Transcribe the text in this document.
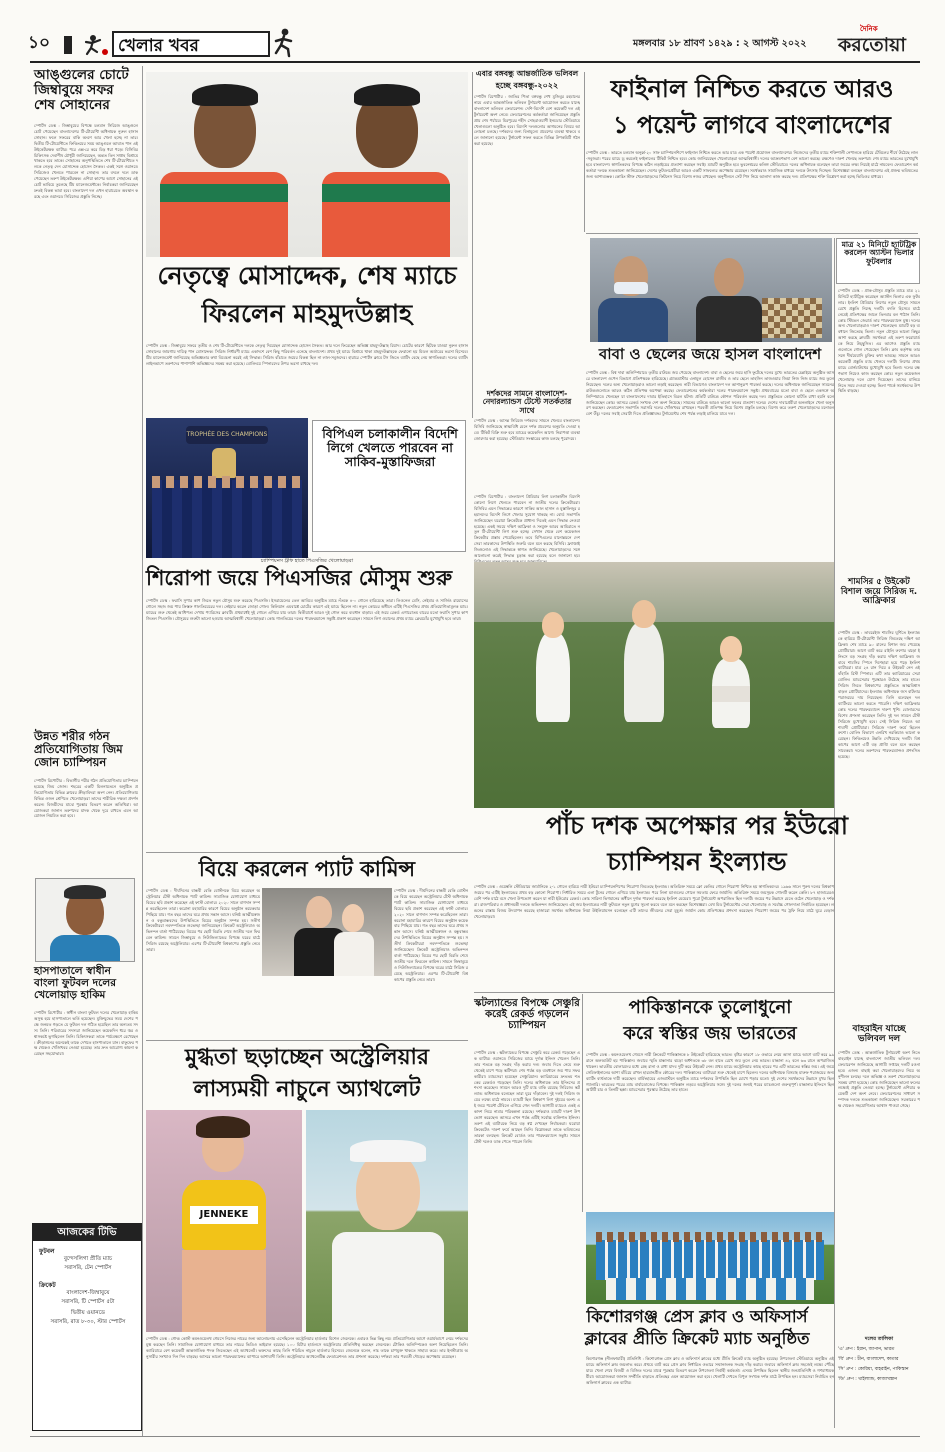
১০	খেলার খবর	মঙ্গলবার ১৮ শ্রাবণ ১৪২৯ : ২ আগস্ট ২০২২
দৈনিক
করতোয়া
আঙ্গুলের চোটে জিম্বাবুয়ে সফর শেষ সোহানের
স্পোর্টস ডেস্ক : জিম্বাবুয়ের বিপক্ষে চলমান সিরিজে আঙ্গুলে চোট পেয়েছেন বাংলাদেশের টি-টোয়েন্টি অধিনায়ক নুরুল হাসান সোহান। ফলে সফরের বাকি অংশে আর খেলা হচ্ছে না তার। দ্বিতীয় টি-টোয়েন্টিতে ফিল্ডিংয়ের সময় আঙ্গুলে আঘাত পান এই উইকেটরক্ষক ব্যাটার। পরে এক্স-রে করে চিড় ধরা পড়ে। বিসিবির চিকিৎসক দেবাশীষ চৌধুরী জানিয়েছেন, অন্তত তিন সপ্তাহ বিশ্রামে থাকতে হবে তাকে। সোহানের অনুপস্থিতিতে শেষ টি-টোয়েন্টিতে দলকে নেতৃত্ব দেন মোসাদ্দেক হোসেন সৈকত। একই সঙ্গে ওয়ানডে সিরিজেও খেলতে পারবেন না সোহান। তার বদলে দলে ডাক পেয়েছেন তরুণ উইকেটরক্ষক। এশিয়া কাপের আগে সোহানের এই চোট ভাবিয়ে তুলেছে টিম ম্যানেজমেন্টকে। নির্বাচকরা জানিয়েছেন দ্রুতই বিকল্প ভাবা হবে। বাংলাদেশ দল এখন হারারেতে অবস্থান করছে এবং ওয়ানডে সিরিজের প্রস্তুতি নিচ্ছে।
উন্নত শরীর গঠন প্রতিযোগিতায় জিম জোন চ্যাম্পিয়ন
স্পোর্টস রিপোর্টার : বিভাগীয় শরীর গঠন প্রতিযোগিতায় চ্যাম্পিয়ন হয়েছে জিম জোন। শহরের একটি মিলনায়তনে অনুষ্ঠিত প্রতিযোগিতায় বিভিন্ন ক্লাবের ক্রীড়াবিদরা অংশ নেন। প্রতিযোগিতায় বিভিন্ন ওজন শ্রেণিতে খেলোয়াড়রা তাদের শারীরিক দক্ষতা প্রদর্শন করেন। বিজয়ীদের মাঝে পুরস্কার বিতরণ করেন অতিথিরা। আয়োজকরা জানান তরুণদের মাদক থেকে দূরে রাখতে এমন আয়োজন নিয়মিত করা হবে।
হাসপাতালে স্বাধীন বাংলা ফুটবল দলের খেলোয়াড় হাকিম
স্পোর্টস রিপোর্টার : স্বাধীন বাংলা ফুটবল দলের খেলোয়াড় হাকিম অসুস্থ হয়ে হাসপাতালে ভর্তি হয়েছেন। মুক্তিযুদ্ধের সময় দেশের পক্ষে জনমত গড়তে যে ফুটবল দল গঠিত হয়েছিল তার অন্যতম সদস্য তিনি। পরিবারের সদস্যরা জানিয়েছেন কয়েকদিন ধরে জ্বর ও শ্বাসকষ্টে ভুগছিলেন তিনি। চিকিৎসকরা তাকে পর্যবেক্ষণে রেখেছেন। ক্রীড়াঙ্গনের অনেকেই তাকে দেখতে হাসপাতালে যান। বাফুফের পক্ষ থেকেও খোঁজখবর নেওয়া হয়েছে। তার দ্রুত আরোগ্য কামনা করেছেন সহযোদ্ধারা।
আজকের টিভি
ফুটবল
বুন্দেসলিগা প্রীতি ম্যাচ
সরাসরি, টেন স্পোর্টস
ক্রিকেট
বাংলাদেশ-জিম্বাবুয়ে
সরাসরি, টি স্পোর্টস ৫টা
দ্বিতীয় ওয়ানডে
সরাসরি, রাত ৮-৩০, স্টার স্পোর্টস
নেতৃত্বে মোসাদ্দেক, শেষ ম্যাচে
ফিরলেন মাহমুদউল্লাহ
স্পোর্টস ডেস্ক : জিম্বাবুয়ে সফরে তৃতীয় ও শেষ টি-টোয়েন্টিতে দলকে নেতৃত্ব দিয়েছেন মোসাদ্দেক হোসেন সৈকত। আর দলে ফিরেছেন অভিজ্ঞ মাহমুদউল্লাহ রিয়াদ। চোটের কারণে ছিটকে যাওয়া নুরুল হাসান সোহানের জায়গায় দায়িত্ব পান মোসাদ্দেক। সিরিজ নির্ধারণী ম্যাচে একাদশে বেশ কিছু পরিবর্তন এনেছে বাংলাদেশ। প্রথম দুই ম্যাচে বিশ্রামে থাকা মাহমুদউল্লাহকে ফেরানো হয় মিডল অর্ডারের ভরসা হিসেবে। টিম ম্যানেজমেন্ট জানিয়েছে অভিজ্ঞতার কথা বিবেচনা করেই এই সিদ্ধান্ত। সিরিজ বাঁচাতে জয়ের বিকল্প ছিল না লাল-সবুজদের। হারারে স্পোর্টস ক্লাবে টস জিতে ব্যাটিং বেছে নেয় স্বাগতিকরা। দলের ব্যাটিং লাইনআপে তরুণদের পাশাপাশি অভিজ্ঞদের সমন্বয় করা হয়েছে। বোলিংয়ে স্পিনারদের উপর ভরসা রাখছে দল।
TROPHÉE DES CHAMPIONS
চ্যাম্পিয়নস ট্রফি হাতে পিএসজির খেলোয়াড়রা
বিপিএল চলাকালীন বিদেশি লিগে খেলতে পারবেন না সাকিব-মুস্তাফিজরা
শিরোপা জয়ে পিএসজির মৌসুম শুরু
স্পোর্টস ডেস্ক : ফরাসি সুপার কাপ জিতে নতুন মৌসুম শুরু করেছে পিএসজি। ইসরায়েলের তেল আবিবে অনুষ্ঠিত ম্যাচে নঁতকে ৪-০ গোলে হারিয়েছে তারা। লিওনেল মেসি, নেইমার ও সার্জিও রামোসের গোলে সহজ জয় পায় ক্রিস্তফ গালতিয়েরের দল। নেইমার করেন জোড়া গোল। কিলিয়ান এমবাপ্পে চোটের কারণে এই ম্যাচে ছিলেন না। নতুন কোচের অধীনে এটিই পিএসজির প্রথম প্রতিযোগিতামূলক ম্যাচ। ম্যাচের শুরু থেকেই আধিপত্য দেখায় প্যারিসের ক্লাবটি। প্রথমার্ধেই দুই গোলে এগিয়ে যায় তারা। দ্বিতীয়ার্ধে আরও দুই গোল করে ব্যবধান বাড়ায়। এই জয়ে রেকর্ড এগারোতম বারের মতো ফরাসি সুপার কাপ জিতল পিএসজি। মৌসুমের শুরুটা ভালো হওয়ায় আত্মবিশ্বাসী খেলোয়াড়রা। কোচ গালতিয়ের দলের পারফরম্যান্সে সন্তুষ্টি প্রকাশ করেছেন। সামনে লিগ ওয়ানের প্রথম ম্যাচে ক্লেরমোঁর মুখোমুখি হবে তারা।
বিয়ে করলেন প্যাট কামিন্স
স্পোর্টস ডেস্ক : দীর্ঘদিনের বান্ধবী বেকি বোস্টনকে বিয়ে করেছেন অস্ট্রেলিয়ার টেস্ট অধিনায়ক প্যাট কামিন্স। সামাজিক যোগাযোগ মাধ্যমে বিয়ের ছবি প্রকাশ করেছেন এই ফাস্ট বোলার। ২০২০ সালে বাগদান সম্পন্ন করেছিলেন তারা। করোনা মহামারির কারণে বিয়ের অনুষ্ঠান কয়েকবার পিছিয়ে যায়। গত বছর তাদের ঘরে প্রথম সন্তান আসে। ঘনিষ্ঠ আত্মীয়স্বজন ও বন্ধুবান্ধবদের উপস্থিতিতে বিয়ের অনুষ্ঠান সম্পন্ন হয়। সতীর্থ ক্রিকেটাররা নবদম্পতিকে শুভেচ্ছা জানিয়েছেন। ক্রিকেট অস্ট্রেলিয়াও অভিনন্দন বার্তা পাঠিয়েছে। বিয়ের পর ছোট বিরতি শেষে জাতীয় দলে ফিরবেন কামিন্স। সামনে জিম্বাবুয়ে ও নিউজিল্যান্ডের বিপক্ষে ঘরের মাঠে সিরিজ রয়েছে অস্ট্রেলিয়ার। এরপর টি-টোয়েন্টি বিশ্বকাপের প্রস্তুতি নেবে তারা।
স্পোর্টস ডেস্ক : দীর্ঘদিনের বান্ধবী বেকি বোস্টনকে বিয়ে করেছেন অস্ট্রেলিয়ার টেস্ট অধিনায়ক প্যাট কামিন্স। সামাজিক যোগাযোগ মাধ্যমে বিয়ের ছবি প্রকাশ করেছেন এই ফাস্ট বোলার। ২০২০ সালে বাগদান সম্পন্ন করেছিলেন তারা। করোনা মহামারির কারণে বিয়ের অনুষ্ঠান কয়েকবার পিছিয়ে যায়। গত বছর তাদের ঘরে প্রথম সন্তান আসে। ঘনিষ্ঠ আত্মীয়স্বজন ও বন্ধুবান্ধবদের উপস্থিতিতে বিয়ের অনুষ্ঠান সম্পন্ন হয়। সতীর্থ ক্রিকেটাররা নবদম্পতিকে শুভেচ্ছা জানিয়েছেন। ক্রিকেট অস্ট্রেলিয়াও অভিনন্দন বার্তা পাঠিয়েছে। বিয়ের পর ছোট বিরতি শেষে জাতীয় দলে ফিরবেন কামিন্স। সামনে জিম্বাবুয়ে ও নিউজিল্যান্ডের বিপক্ষে ঘরের মাঠে সিরিজ রয়েছে অস্ট্রেলিয়ার। এরপর টি-টোয়েন্টি বিশ্বকাপের প্রস্তুতি নেবে তারা।
এবার বঙ্গবন্ধু আন্তর্জাতিক ভলিবল
হচ্ছে বঙ্গবন্ধু-২০২২
স্পোর্টস রিপোর্টার : জাতির পিতা বঙ্গবন্ধু শেখ মুজিবুর রহমানের নামে এবার আন্তর্জাতিক ভলিবল টুর্নামেন্ট আয়োজন করতে যাচ্ছে বাংলাদেশ ভলিবল ফেডারেশন। দেশি-বিদেশি বেশ কয়েকটি দল এই টুর্নামেন্টে অংশ নেবে। ফেডারেশনের কর্মকর্তারা জানিয়েছেন প্রস্তুতি প্রায় শেষ পর্যায়ে। মিরপুরের শহীদ সোহরাওয়ার্দী ইনডোর স্টেডিয়ামে খেলাগুলো অনুষ্ঠিত হবে। বিদেশি দলগুলোর আগমনের বিষয়ে আলোচনা চলছে। দর্শকদের জন্য বিনামূল্যে প্রবেশের ব্যবস্থা থাকবে বলে জানানো হয়েছে। টুর্নামেন্ট সফল করতে বিভিন্ন উপকমিটি গঠন করা হয়েছে।
দর্শকদের সামনে বাংলাদেশ-নেদারল্যান্ডস টেস্টে সতর্কতার সাথে
স্পোর্টস ডেস্ক : আসন্ন সিরিজে দর্শকদের সামনে খেলবে বাংলাদেশ। বিসিবি জানিয়েছে স্বাস্থ্যবিধি মেনে দর্শক প্রবেশের অনুমতি দেওয়া হবে। টিকিট বিক্রি শুরু হবে ম্যাচের কয়েকদিন আগে। নিরাপত্তা ব্যবস্থা জোরদার করা হয়েছে। স্টেডিয়াম সংস্কারের কাজ চলছে পুরোদমে।
স্পোর্টস রিপোর্টার : বাংলাদেশ প্রিমিয়ার লিগ চলাকালীন বিদেশি কোনো লিগে খেলতে পারবেন না জাতীয় দলের ক্রিকেটাররা। বিসিবির এমন সিদ্ধান্তের কারণে সাকিব আল হাসান ও মুস্তাফিজুর রহমানদের বিদেশি লিগে খেলার সুযোগ থাকছে না। বোর্ড সভাপতি জানিয়েছেন ঘরোয়া ক্রিকেটকে প্রাধান্য দিতেই এমন সিদ্ধান্ত নেওয়া হয়েছে। একই সময়ে দক্ষিণ আফ্রিকা ও সংযুক্ত আরব আমিরাতে নতুন টি-টোয়েন্টি লিগ শুরু হচ্ছে। সেখান থেকে বেশ কয়েকজন ক্রিকেটার প্রস্তাব পেয়েছিলেন। তবে বিপিএলের মানোন্নয়নে দেশসেরা তারকাদের উপস্থিতি জরুরি বলে মনে করছে বিসিবি। ফ্র্যাঞ্চাইজিগুলোও এই সিদ্ধান্তকে স্বাগত জানিয়েছে। খেলোয়াড়দের সঙ্গে আলোচনা করেই সিদ্ধান্ত চূড়ান্ত করা হয়েছে বলে জানানো হয়।
ফাইনাল নিশ্চিত করতে আরও
১ পয়েন্ট লাগবে বাংলাদেশের
স্পোর্টস ডেস্ক : ভারতে চলমান অনূর্ধ্ব-২০ সাফ চ্যাম্পিয়নশিপে ফাইনাল নিশ্চিত করতে আর মাত্র এক পয়েন্ট প্রয়োজন বাংলাদেশের। নিজেদের তৃতীয় ম্যাচে শক্তিশালী নেপালকে হারিয়ে টেবিলের শীর্ষে উঠেছে লাল-সবুজরা। পরের ম্যাচে ড্র করলেই ফাইনালের টিকিট নিশ্চিত হবে। কোচ জানিয়েছেন খেলোয়াড়রা আত্মবিশ্বাসী। দলের আক্রমণভাগ বেশ ভালো করছে। রক্ষণেও দারুণ খেলছে তরুণরা। শেষ ম্যাচে ভারতের মুখোমুখি হবে বাংলাদেশ। স্বাগতিকদের বিপক্ষে কঠিন লড়াইয়ের প্রত্যাশা করছেন সবাই। ম্যাচটি অনুষ্ঠিত হবে ভুবনেশ্বরের কলিঙ্গ স্টেডিয়ামে। দলের অধিনায়ক বলেছেন তারা জয়ের লক্ষ্য নিয়েই মাঠে নামবেন। ফেডারেশন কর্মকর্তারা দলকে শুভকামনা জানিয়েছেন। দেশের ফুটবলপ্রেমীরা আরও একটি সাফল্যের অপেক্ষায় রয়েছেন। সমর্থকরাও সামাজিক মাধ্যমে দলকে উৎসাহ দিচ্ছেন। বিশেষজ্ঞরা বলছেন বাংলাদেশের এই প্রজন্ম ভবিষ্যতের জন্য আশাব্যঞ্জক। কোচিং স্টাফ খেলোয়াড়দের ফিটনেস নিয়ে বিশেষ নজর রাখছেন। অনুশীলনে সেট পিস নিয়ে আলাদা কাজ করছে দল। প্রতিপক্ষের শক্তি বিশ্লেষণ করা হচ্ছে ভিডিওর মাধ্যমে।
মাত্র ২১ মিনিটে হ্যাটট্রিক করলেন অ্যাস্টন ভিলার ফুটবলার
স্পোর্টস ডেস্ক : প্রাক-মৌসুম প্রস্তুতি ম্যাচে মাত্র ২১ মিনিটে হ্যাটট্রিক করেছেন অ্যাস্টন ভিলার এক ফুটবলার। ইংলিশ প্রিমিয়ার লিগের নতুন মৌসুম সামনে রেখে প্রস্তুতি নিচ্ছে দলটি। বদলি হিসেবে মাঠে নেমেই প্রতিপক্ষের জালে তিনবার বল পাঠান তিনি। কোচ স্টিভেন জেরার্ড তার পারফরম্যান্সে মুগ্ধ। দলের অন্য খেলোয়াড়রাও দারুণ খেলেছেন। ম্যাচটি বড় ব্যবধানে জিতেছে ভিলা। নতুন মৌসুমে ভালো কিছুর আশা করছে ক্লাবটি। সমর্থকরা এই তরুণ ফরোয়ার্ডকে নিয়ে উচ্ছ্বসিত। এর আগেও প্রস্তুতি ম্যাচগুলোতে গোল পেয়েছেন তিনি। ক্লাব কর্তৃপক্ষ তার সঙ্গে দীর্ঘমেয়াদি চুক্তির কথা ভাবছে। সামনে আরও কয়েকটি প্রস্তুতি ম্যাচ খেলবে দলটি। লিগের প্রথম ম্যাচে বোর্নমাউথের মুখোমুখি হবে ভিলা। দলের রক্ষণভাগ নিয়েও কাজ করছেন কোচ। নতুন কয়েকজন খেলোয়াড় দলে যোগ দিয়েছেন। তাদের মানিয়ে নিতে সময় দেওয়া হচ্ছে। ভিলা পার্কে সমর্থকদের উপস্থিতি বাড়ছে।
বাবা ও ছেলের জয়ে হাসল বাংলাদেশ
স্পোর্টস ডেস্ক : বিশ্ব দাবা অলিম্পিয়াডে তৃতীয় রাউন্ডে জয় পেয়েছে বাংলাদেশ। বাবা ও ছেলের জয়ে হাসি ফুটেছে দলের মুখে। ভারতের চেন্নাইয়ে অনুষ্ঠিত আসরে বাংলাদেশ ওপেন বিভাগে প্রতিপক্ষকে হারিয়েছে। গ্র্যান্ডমাস্টার এনামুল হোসেন রাজীব ও তার ছেলে তাহসিন তাজওয়ার জিয়া নিজ নিজ ম্যাচে জয় তুলে নিয়েছেন। দলের অন্য খেলোয়াড়রাও ভালো লড়াই করেছেন। নারী বিভাগেও বাংলাদেশ দল আশানুরূপ পারফর্ম করছে। দলের অধিনায়ক জানিয়েছেন সামনের রাউন্ডগুলোতে আরও কঠিন প্রতিপক্ষ অপেক্ষা করছে। ফেডারেশনের কর্মকর্তারা দলের পারফরম্যান্সে সন্তুষ্ট। প্রথমবারের মতো বাবা ও ছেলে একসঙ্গে অলিম্পিয়াডে খেলছেন যা বাংলাদেশের দাবার ইতিহাসে বিরল ঘটনা। প্রতিটি রাউন্ডে কৌশল পরিবর্তন করছে দল। প্রস্তুতিতে কোনো ঘাটতি রাখা হয়নি বলে জানিয়েছেন কোচ। আসরে রেকর্ড সংখ্যক দেশ অংশ নিয়েছে। সামনের রাউন্ডে আরও ভালো ফলের প্রত্যাশা দলের। দেশের দাবাপ্রেমীরা অনলাইনে খেলা অনুসরণ করছেন। ফেডারেশন সভাপতি সরাসরি দলের খোঁজখবর রাখছেন। পরবর্তী প্রতিপক্ষ নিয়ে বিশেষ প্রস্তুতি চলছে। বিশেষ করে তরুণ খেলোয়াড়দের মনোবল বেশ উঁচু। দলের সবাই সেরাটা দিতে প্রতিজ্ঞাবদ্ধ। টুর্নামেন্টের শেষ পর্যন্ত লড়াই চালিয়ে যাবে দল।
শামসির ৫ উইকেট বিশাল জয়ে সিরিজ দ. আফ্রিকার
স্পোর্টস ডেস্ক : তাবরেইজ শামসির ঘূর্ণিতে ইংল্যান্ডকে হারিয়ে টি-টোয়েন্টি সিরিজ জিতেছে দক্ষিণ আফ্রিকা। শেষ ম্যাচে ৯০ রানের বিশাল জয় পেয়েছে প্রোটিয়ারা। আগে ব্যাট করে রাইলি রুশোর ঝড়ো ইনিংসে বড় সংগ্রহ দাঁড় করায় দক্ষিণ আফ্রিকা। জবাবে শামসির স্পিনে দিশেহারা হয়ে পড়ে ইংলিশ ব্যাটাররা। মাত্র ২৪ রান দিয়ে ৫ উইকেট নেন এই বাঁহাতি রিস্ট স্পিনার। এটি তার ক্যারিয়ারের সেরা বোলিং। ম্যাচসেরার পুরস্কারও উঠেছে তার হাতে। সিরিজ জিতে বিশ্বকাপের প্রস্তুতিতে আত্মবিশ্বাস বাড়ল প্রোটিয়াদের। ইংল্যান্ড অধিনায়ক জস বাটলার পরাজয়ের দায় নিয়েছেন। তিনি বলেছেন দল ব্যাটিংয়ে ভালো করতে পারেনি। দক্ষিণ আফ্রিকার কোচ দলের পারফরম্যান্সে দারুণ খুশি। বোলারদের বিশেষ প্রশংসা করেছেন তিনি। দুই দল সামনে টেস্ট সিরিজে মুখোমুখি হবে। সেই সিরিজ নিয়েও আশাবাদী প্রোটিয়ারা। সিরিজে দারুণ ফর্মে ছিলেন রুশো। বোলিং বিভাগে এনরিখ নরকিয়াও ভালো করেছেন। ফিল্ডিংয়েও উন্নতি দেখিয়েছে দলটি। বিশ্বকাপের আগে এটি বড় প্রাপ্তি বলে মনে করছেন সাবেকরা। দলের তরুণদের পারফরম্যান্সও প্রশংসিত হয়েছে।
বাহরাইন যাচ্ছে ভলিবল দল
স্পোর্টস ডেস্ক : আন্তর্জাতিক টুর্নামেন্টে অংশ নিতে বাহরাইন যাচ্ছে বাংলাদেশ জাতীয় ভলিবল দল। ফেডারেশন জানিয়েছে আগামী সপ্তাহে দলটি রওনা হবে। এজন্য বাছাই করা খেলোয়াড়দের নিয়ে অনুশীলন চলছে। দলে অভিজ্ঞ ও তরুণ খেলোয়াড়দের সমন্বয় রাখা হয়েছে। কোচ জানিয়েছেন ভালো ফলের লক্ষ্যেই প্রস্তুতি নেওয়া হচ্ছে। টুর্নামেন্টে এশিয়ার কয়েকটি দেশ অংশ নেবে। ফেডারেশনের সাধারণ সম্পাদক দলকে শুভকামনা জানিয়েছেন। সরকারের পক্ষ থেকেও সহযোগিতার আশ্বাস পাওয়া গেছে।
দলের তালিকা
'এ' গ্রুপ : ইরান, জাপান, ভারত
'বি' গ্রুপ : চীন, বাংলাদেশ, কাতার
'সি' গ্রুপ : কোরিয়া, বাহরাইন, পাকিস্তান
'ডি' গ্রুপ : থাইল্যান্ড, কাজাখস্তান
পাঁচ দশক অপেক্ষার পর ইউরো
চ্যাম্পিয়ন ইংল্যান্ড
স্পোর্টস ডেস্ক : ওয়েম্বলি স্টেডিয়ামে জার্মানিকে ২-১ গোলে হারিয়ে নারী ইউরো চ্যাম্পিয়নশিপের শিরোপা জিতেছে ইংল্যান্ড। অতিরিক্ত সময়ে ক্লো কেলির গোলে শিরোপা নিশ্চিত হয় স্বাগতিকদের। ১৯৬৬ সালে পুরুষ দলের বিশ্বকাপ জয়ের পর এটিই ইংল্যান্ডের প্রথম বড় কোনো শিরোপা। নির্ধারিত সময়ে এলা টুনের গোলে এগিয়ে যায় ইংল্যান্ড। পরে লিনা ম্যাগুলের গোলে সমতায় ফেরে জার্মানি। অতিরিক্ত সময়ে জয়সূচক গোলটি করেন কেলি। ৮৭ হাজারেরও বেশি দর্শক মাঠে বসে খেলা উপভোগ করেন যা নারী ইউরোর রেকর্ড। কোচ সারিনা ভিগমানের অধীনে দুর্দান্ত পারফর্ম করেছে ইংলিশ মেয়েরা। পুরো টুর্নামেন্টে অপরাজিত ছিল দলটি। জয়ের পর উল্লাসে মেতে ওঠেন খেলোয়াড় ও দর্শকরা। রাজপরিবার ও প্রধানমন্ত্রী দলকে অভিনন্দন জানিয়েছেন। এই জয় ইংল্যান্ডের নারী ফুটবলে নতুন যুগের সূচনা করবে বলে মনে করছেন বিশেষজ্ঞরা। বেথ মিড টুর্নামেন্টের সেরা খেলোয়াড় ও সর্বোচ্চ গোলদাতা নির্বাচিত হয়েছেন। লন্ডনের রাস্তায় বিজয় উদযাপন করেছে হাজারো সমর্থক। অধিনায়ক লিয়া উইলিয়ামসন বলেছেন এটি তাদের জীবনের সেরা মুহূর্ত। জার্মান কোচ প্রতিপক্ষের প্রশংসা করেছেন। শিরোপা জয়ের পর ট্রফি নিয়ে মাঠে ঘুরে বেড়ান খেলোয়াড়রা।
স্কটল্যান্ডের বিপক্ষে সেঞ্চুরি করেই রেকর্ড গড়লেন চ্যাম্পিয়ন
স্পোর্টস ডেস্ক : স্কটল্যান্ডের বিপক্ষে সেঞ্চুরি করে রেকর্ড গড়েছেন এক ব্যাটার। ওয়ানডে সিরিজের ম্যাচে দুর্দান্ত ইনিংস খেলেন তিনি। তার শতকে বড় সংগ্রহ দাঁড় করায় দল। জবাব দিতে নেমে শুরু থেকেই চাপে পড়ে স্কটিশরা। শেষ পর্যন্ত বড় ব্যবধানে জয় পায় সফরকারীরা। ম্যাচসেরা হয়েছেন সেঞ্চুরিয়ান। ক্যারিয়ারের দ্রুততম শতকের রেকর্ডও গড়েছেন তিনি। দলের অধিনায়ক তার ইনিংসের প্রশংসা করেছেন। সামনে আরও দুটি ম্যাচ বাকি রয়েছে সিরিজে। স্কটল্যান্ড অধিনায়ক বলেছেন তারা ঘুরে দাঁড়াবেন। দুই দলই সিরিজ জয়ের লক্ষ্যে মাঠে নামবে। ম্যাচটি ছিল বিশ্বকাপ লিগ দুইয়ের অংশ। এই জয়ে পয়েন্ট টেবিলে এগিয়ে গেল দলটি। আগামী ম্যাচেও একই একাদশ নিয়ে নামার পরিকল্পনা রয়েছে। দর্শকরাও ম্যাচটি দারুণ উপভোগ করেছেন। আসরে এখন পর্যন্ত এটিই সর্বোচ্চ ব্যক্তিগত ইনিংস। তরুণ এই ব্যাটারকে নিয়ে বড় স্বপ্ন দেখছেন নির্বাচকরা। ঘরোয়া ক্রিকেটেও দারুণ ফর্মে আছেন তিনি। বিশ্লেষকরা তাকে ভবিষ্যতের তারকা বলছেন। ক্রিকেট বোর্ডও তার পারফরম্যান্সে সন্তুষ্ট। সামনে টেস্ট দলেও ডাক পেতে পারেন তিনি।
পাকিস্তানকে তুলোধুনো
করে স্বস্তির জয় ভারতের
স্পোর্টস ডেস্ক : কমনওয়েলথ গেমসে নারী ক্রিকেটে পাকিস্তানকে ৮ উইকেটে হারিয়েছে ভারত। বৃষ্টির কারণে ১৮ ওভারে নেমে আসা ম্যাচে আগে ব্যাট করে ৯৯ রানে অলআউট হয় পাকিস্তান। জবাবে স্মৃতি মান্ধানার ঝড়ো অর্ধশতকে ৩৮ বল হাতে রেখে জয় তুলে নেয় ভারত। মান্ধানা ৪২ বলে ৬৩ রানে অপরাজিত থাকেন। ভারতীয় বোলারদের মধ্যে স্নেহ রানা ও রাধা যাদব দুটি করে উইকেট নেন। প্রথম ম্যাচে অস্ট্রেলিয়ার কাছে হারের পর এটি ভারতের স্বস্তির জয়। এই জয়ে সেমিফাইনালের আশা বাঁচিয়ে রাখল হারমানপ্রীত কৌরের দল। পাকিস্তানের ব্যাটাররা শুরু থেকেই চাপে ছিলেন। দলের অধিনায়ক বিসমাহ মারুফ পরাজয়ের জন্য ব্যাটিং ব্যর্থতাকে দায়ী করেছেন। বার্মিংহামের এজবাস্টনে অনুষ্ঠিত ম্যাচে দর্শকদের উপস্থিতি ছিল চোখে পড়ার মতো। দুই দেশের সমর্থকদের উল্লাসে মুখর ছিল গ্যালারি। ভারতের পরের ম্যাচ বার্বাডোজের বিপক্ষে। পাকিস্তান লড়বে অস্ট্রেলিয়ার সঙ্গে। দুই দলের জন্যই পরের ম্যাচগুলো গুরুত্বপূর্ণ। মান্ধানার ইনিংসে ছিল আটটি চার ও তিনটি ছক্কা। ম্যাচসেরার পুরস্কার উঠেছে তার হাতে।
কিশোরগঞ্জ প্রেস ক্লাব ও অফিসার্স
ক্লাবের প্রীতি ক্রিকেট ম্যাচ অনুষ্ঠিত
কিশোরগঞ্জ (নীলফামারী) প্রতিনিধি : কিশোরগঞ্জ প্রেস ক্লাব ও অফিসার্স ক্লাবের মধ্যে প্রীতি ক্রিকেট ম্যাচ অনুষ্ঠিত হয়েছে। উপজেলা স্টেডিয়ামে অনুষ্ঠিত এই ম্যাচে অফিসার্স ক্লাব জয়লাভ করে। প্রথমে ব্যাট করে প্রেস ক্লাব নির্ধারিত ওভারে সম্মানজনক সংগ্রহ দাঁড় করায়। জবাবে অফিসার্স ক্লাব সহজেই লক্ষ্যে পৌঁছে যায়। খেলা শেষে বিজয়ী ও বিজিত দলের মাঝে পুরস্কার বিতরণ করেন উপজেলা নির্বাহী কর্মকর্তা। এসময় উপস্থিত ছিলেন স্থানীয় জনপ্রতিনিধি ও গণমাধ্যমকর্মীরা। আয়োজকরা জানান সম্প্রীতি বাড়াতে প্রতিবছর এমন আয়োজন করা হবে। খেলাটি দেখতে বিপুল সংখ্যক দর্শক মাঠে উপস্থিত হন। ম্যাচসেরা নির্বাচিত হন অফিসার্স ক্লাবের এক ব্যাটার।
মুগ্ধতা ছড়াচ্ছেন অস্ট্রেলিয়ার
লাস্যময়ী নাচুনে অ্যাথলেট
JENNEKE
স্পোর্টস ডেস্ক : গোল্ড কোস্ট কমনওয়েলথ গেমসে নিজের নাচের জন্য আলোচনায় এসেছিলেন অস্ট্রেলিয়ার হার্ডলার মিশেল জেনেকে। এবারও ভিন্ন কিছু নয়। প্রতিযোগিতার আগে ওয়ার্মআপে নেচে দর্শকদের মুগ্ধ করছেন তিনি। সামাজিক যোগাযোগ মাধ্যমে তার নাচের ভিডিও ভাইরাল হয়েছে। ১০০ মিটার হার্ডলসে অস্ট্রেলিয়ার প্রতিনিধিত্ব করছেন জেনেকে। টোকিও অলিম্পিকেও অংশ নিয়েছিলেন তিনি। ক্যারিয়ারে বেশ কয়েকটি আন্তর্জাতিক পদক জিতেছেন এই অ্যাথলেট। ভক্তদের কাছে তিনি পরিচিত নাচুনে হার্ডলার হিসেবে। জেনেকে বলেন, নাচ তাকে চাপমুক্ত থাকতে সাহায্য করে। তার ইনস্টাগ্রাম অনুসারীর সংখ্যাও দিন দিন বাড়ছে। আসরে ভালো পারফরম্যান্সের ব্যাপারে আশাবাদী তিনি। অস্ট্রেলিয়ার অ্যাথলেটিক্স ফেডারেশনও তার প্রশংসা করেছে। দর্শকরা তার পরবর্তী দৌড়ের অপেক্ষায় রয়েছেন।
